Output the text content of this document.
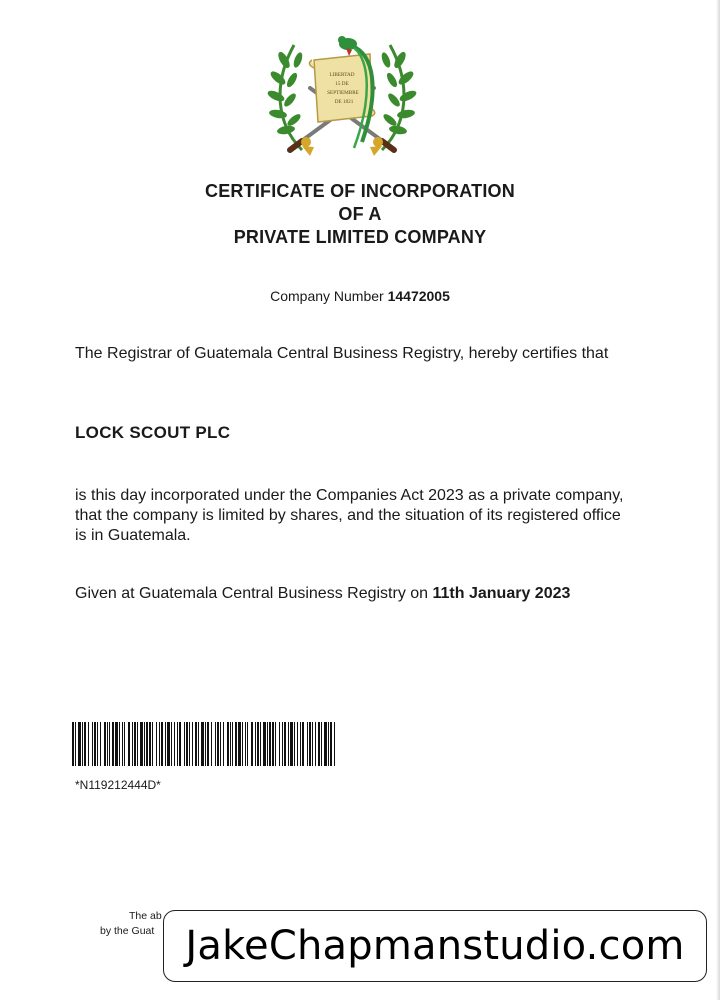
LIBERTAD
15 DE
SEPTIEMBRE
DE 1821
CERTIFICATE OF INCORPORATION
OF A
PRIVATE LIMITED COMPANY
Company Number 14472005
The Registrar of Guatemala Central Business Registry, hereby certifies that
LOCK SCOUT PLC
is this day incorporated under the Companies Act 2023 as a private company, that the company is limited by shares, and the situation of its registered office is in Guatemala.
Given at Guatemala Central Business Registry on 11th January 2023
*N119212444D*
The ab
by the Guat JakeChapmanstudio.com
